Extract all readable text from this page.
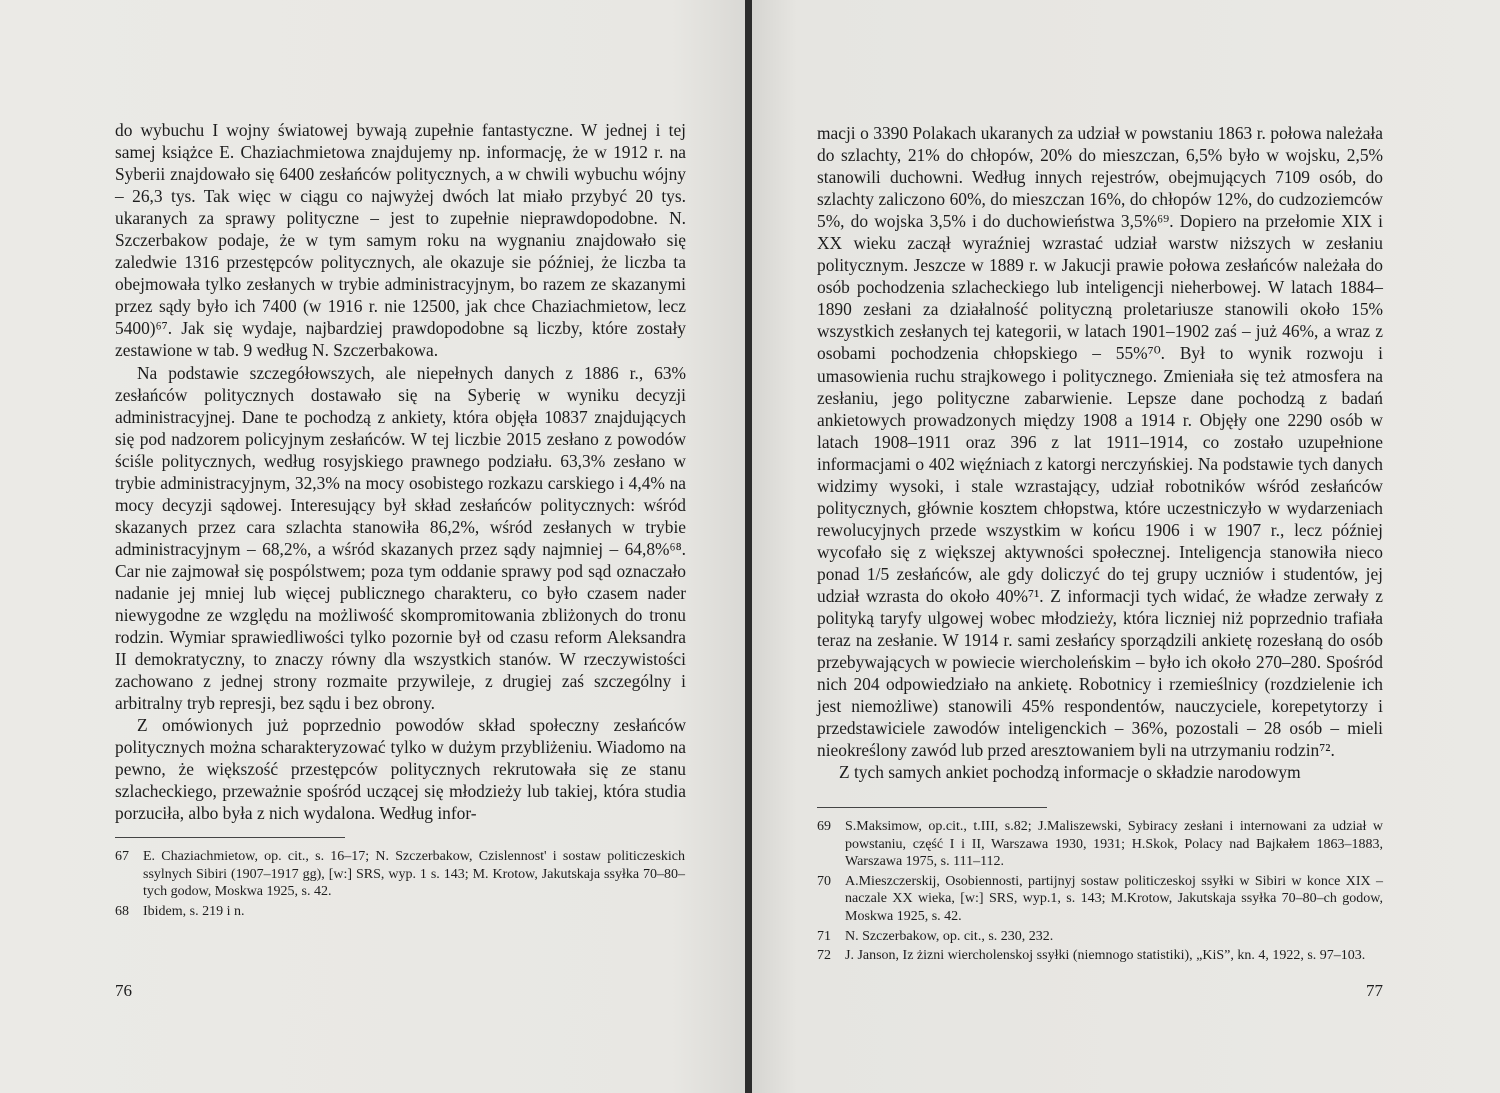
do wybuchu I wojny światowej bywają zupełnie fantastyczne. W jednej i tej samej książce E. Chaziachmietowa znajdujemy np. informację, że w 1912 r. na Syberii znajdowało się 6400 zesłańców politycznych, a w chwili wybuchu wójny – 26,3 tys. Tak więc w ciągu co najwyżej dwóch lat miało przybyć 20 tys. ukaranych za sprawy polityczne – jest to zupełnie nieprawdopodobne. N. Szczerbakow podaje, że w tym samym roku na wygnaniu znajdowało się zaledwie 1316 przestępców politycznych, ale okazuje sie później, że liczba ta obejmowała tylko zesłanych w trybie administracyjnym, bo razem ze skazanymi przez sądy było ich 7400 (w 1916 r. nie 12500, jak chce Chaziachmietow, lecz 5400)⁶⁷. Jak się wydaje, najbardziej prawdopodobne są liczby, które zostały zestawione w tab. 9 według N. Szczerbakowa.

Na podstawie szczegółowszych, ale niepełnych danych z 1886 r., 63% zesłańców politycznych dostawało się na Syberię w wyniku decyzji administracyjnej. Dane te pochodzą z ankiety, która objęła 10837 znajdujących się pod nadzorem policyjnym zesłańców. W tej liczbie 2015 zesłano z powodów ściśle politycznych, według rosyjskiego prawnego podziału. 63,3% zesłano w trybie administracyjnym, 32,3% na mocy osobistego rozkazu carskiego i 4,4% na mocy decyzji sądowej. Interesujący był skład zesłańców politycznych: wśród skazanych przez cara szlachta stanowiła 86,2%, wśród zesłanych w trybie administracyjnym – 68,2%, a wśród skazanych przez sądy najmniej – 64,8%⁶⁸. Car nie zajmował się pospólstwem; poza tym oddanie sprawy pod sąd oznaczało nadanie jej mniej lub więcej publicznego charakteru, co było czasem nader niewygodne ze względu na możliwość skompromitowania zbliżonych do tronu rodzin. Wymiar sprawiedliwości tylko pozornie był od czasu reform Aleksandra II demokratyczny, to znaczy równy dla wszystkich stanów. W rzeczywistości zachowano z jednej strony rozmaite przywileje, z drugiej zaś szczególny i arbitralny tryb represji, bez sądu i bez obrony.

Z omówionych już poprzednio powodów skład społeczny zesłańców politycznych można scharakteryzować tylko w dużym przybliżeniu. Wiadomo na pewno, że większość przestępców politycznych rekrutowała się ze stanu szlacheckiego, przeważnie spośród uczącej się młodzieży lub takiej, która studia porzuciła, albo była z nich wydalona. Według infor-

67	E. Chaziachmietow, op. cit., s. 16–17; N. Szczerbakow, Czislennost' i sostaw politiczeskich ssylnych Sibiri (1907–1917 gg), [w:] SRS, wyp. 1 s. 143; M. Krotow, Jakutskaja ssyłka 70–80–tych godow, Moskwa 1925, s. 42.
68	Ibidem, s. 219 i n.
76

macji o 3390 Polakach ukaranych za udział w powstaniu 1863 r. połowa należała do szlachty, 21% do chłopów, 20% do mieszczan, 6,5% było w wojsku, 2,5% stanowili duchowni. Według innych rejestrów, obejmujących 7109 osób, do szlachty zaliczono 60%, do mieszczan 16%, do chłopów 12%, do cudzoziemców 5%, do wojska 3,5% i do duchowieństwa 3,5%⁶⁹. Dopiero na przełomie XIX i XX wieku zaczął wyraźniej wzrastać udział warstw niższych w zesłaniu politycznym. Jeszcze w 1889 r. w Jakucji prawie połowa zesłańców należała do osób pochodzenia szlacheckiego lub inteligencji nieherbowej. W latach 1884–1890 zesłani za działalność polityczną proletariusze stanowili około 15% wszystkich zesłanych tej kategorii, w latach 1901–1902 zaś – już 46%, a wraz z osobami pochodzenia chłopskiego – 55%⁷⁰. Był to wynik rozwoju i umasowienia ruchu strajkowego i politycznego. Zmieniała się też atmosfera na zesłaniu, jego polityczne zabarwienie. Lepsze dane pochodzą z badań ankietowych prowadzonych między 1908 a 1914 r. Objęły one 2290 osób w latach 1908–1911 oraz 396 z lat 1911–1914, co zostało uzupełnione informacjami o 402 więźniach z katorgi nerczyńskiej. Na podstawie tych danych widzimy wysoki, i stale wzrastający, udział robotników wśród zesłańców politycznych, głównie kosztem chłopstwa, które uczestniczyło w wydarzeniach rewolucyjnych przede wszystkim w końcu 1906 i w 1907 r., lecz później wycofało się z większej aktywności społecznej. Inteligencja stanowiła nieco ponad 1/5 zesłańców, ale gdy doliczyć do tej grupy uczniów i studentów, jej udział wzrasta do około 40%⁷¹. Z informacji tych widać, że władze zerwały z polityką taryfy ulgowej wobec młodzieży, która liczniej niż poprzednio trafiała teraz na zesłanie. W 1914 r. sami zesłańcy sporządzili ankietę rozesłaną do osób przebywających w powiecie wiercholeńskim – było ich około 270–280. Spośród nich 204 odpowiedziało na ankietę. Robotnicy i rzemieślnicy (rozdzielenie ich jest niemożliwe) stanowili 45% respondentów, nauczyciele, korepetytorzy i przedstawiciele zawodów inteligenckich – 36%, pozostali – 28 osób – mieli nieokreślony zawód lub przed aresztowaniem byli na utrzymaniu rodzin⁷².

Z tych samych ankiet pochodzą informacje o składzie narodowym

69	S.Maksimow, op.cit., t.III, s.82; J.Maliszewski, Sybiracy zesłani i internowani za udział w powstaniu, część I i II, Warszawa 1930, 1931; H.Skok, Polacy nad Bajkałem 1863–1883, Warszawa 1975, s. 111–112.
70	A.Mieszczerskij, Osobiennosti, partijnyj sostaw politiczeskoj ssyłki w Sibiri w konce XIX – naczale XX wieka, [w:] SRS, wyp.1, s. 143; M.Krotow, Jakutskaja ssyłka 70–80–ch godow, Moskwa 1925, s. 42.
71	N. Szczerbakow, op. cit., s. 230, 232.
72	J. Janson, Iz żizni wiercholenskoj ssyłki (niemnogo statistiki), „KiS”, kn. 4, 1922, s. 97–103.
77
